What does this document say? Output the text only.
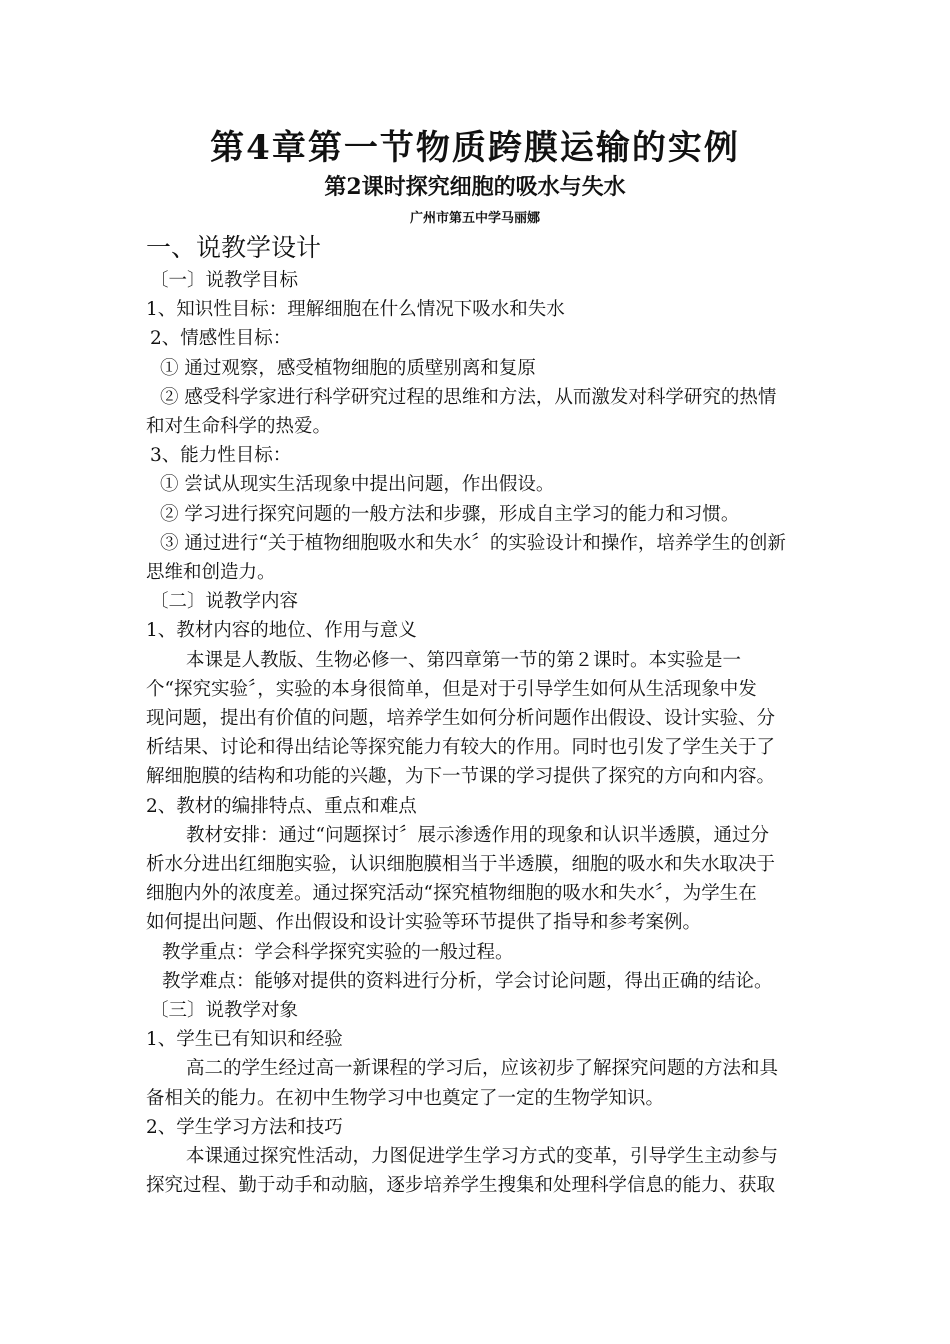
第4章第一节物质跨膜运输的实例
第2课时探究细胞的吸水与失水
广州市第五中学马丽娜

一、说教学设计

〔一〕说教学目标

1、知识性目标：理解细胞在什么情况下吸水和失水

2、情感性目标：

① 通过观察，感受植物细胞的质壁别离和复原

② 感受科学家进行科学研究过程的思维和方法，从而激发对科学研究的热情

和对生命科学的热爱。

3、能力性目标：

① 尝试从现实生活现象中提出问题，作出假设。

② 学习进行探究问题的一般方法和步骤，形成自主学习的能力和习惯。

③ 通过进行“关于植物细胞吸水和失水〞的实验设计和操作，培养学生的创新

思维和创造力。

〔二〕说教学内容

1、教材内容的地位、作用与意义

本课是人教版、生物必修一、第四章第一节的第２课时。本实验是一

个“探究实验〞，实验的本身很简单，但是对于引导学生如何从生活现象中发

现问题，提出有价值的问题，培养学生如何分析问题作出假设、设计实验、分

析结果、讨论和得出结论等探究能力有较大的作用。同时也引发了学生关于了

解细胞膜的结构和功能的兴趣，为下一节课的学习提供了探究的方向和内容。

2、教材的编排特点、重点和难点

教材安排：通过“问题探讨〞展示渗透作用的现象和认识半透膜，通过分

析水分进出红细胞实验，认识细胞膜相当于半透膜，细胞的吸水和失水取决于

细胞内外的浓度差。通过探究活动“探究植物细胞的吸水和失水〞，为学生在

如何提出问题、作出假设和设计实验等环节提供了指导和参考案例。

教学重点：学会科学探究实验的一般过程。

教学难点：能够对提供的资料进行分析，学会讨论问题，得出正确的结论。

〔三〕说教学对象

1、学生已有知识和经验

高二的学生经过高一新课程的学习后，应该初步了解探究问题的方法和具

备相关的能力。在初中生物学习中也奠定了一定的生物学知识。

2、学生学习方法和技巧

本课通过探究性活动，力图促进学生学习方式的变革，引导学生主动参与

探究过程、勤于动手和动脑，逐步培养学生搜集和处理科学信息的能力、获取
